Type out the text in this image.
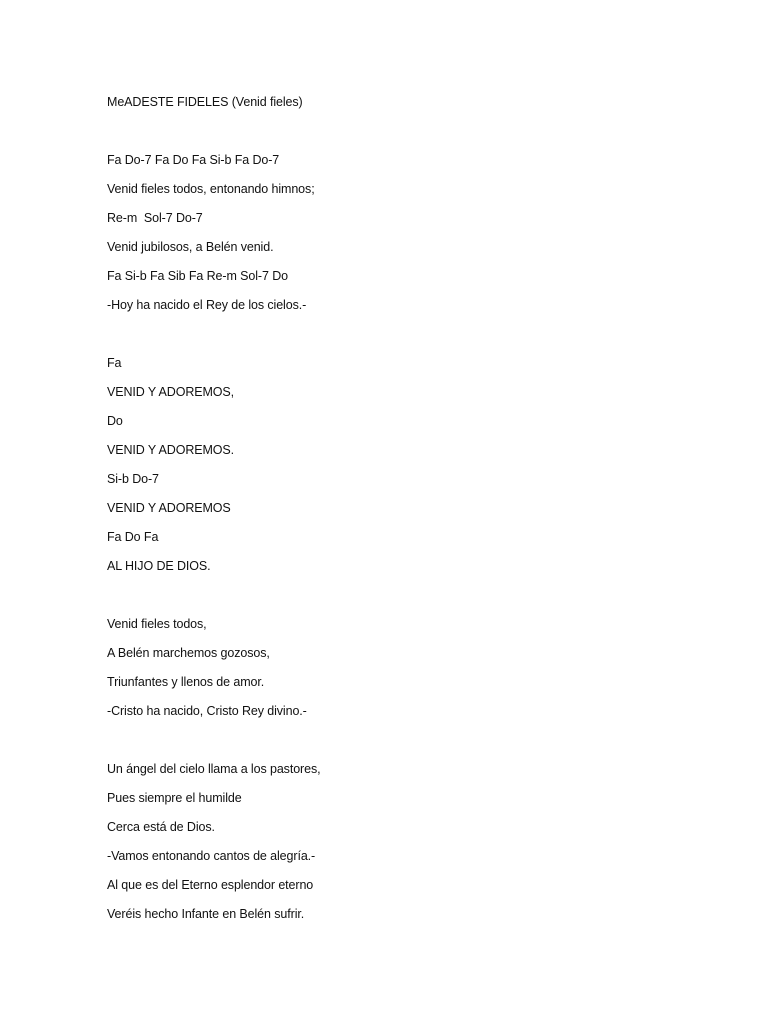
MeADESTE FIDELES (Venid fieles)
Fa Do-7 Fa Do Fa Si-b Fa Do-7
Venid fieles todos, entonando himnos;
Re-m  Sol-7 Do-7
Venid jubilosos, a Belén venid.
Fa Si-b Fa Sib Fa Re-m Sol-7 Do
-Hoy ha nacido el Rey de los cielos.-
Fa
VENID Y ADOREMOS,
Do
VENID Y ADOREMOS.
Si-b Do-7
VENID Y ADOREMOS
Fa Do Fa
AL HIJO DE DIOS.
Venid fieles todos,
A Belén marchemos gozosos,
Triunfantes y llenos de amor.
-Cristo ha nacido, Cristo Rey divino.-
Un ángel del cielo llama a los pastores,
Pues siempre el humilde
Cerca está de Dios.
-Vamos entonando cantos de alegría.-
Al que es del Eterno esplendor eterno
Veréis hecho Infante en Belén sufrir.
